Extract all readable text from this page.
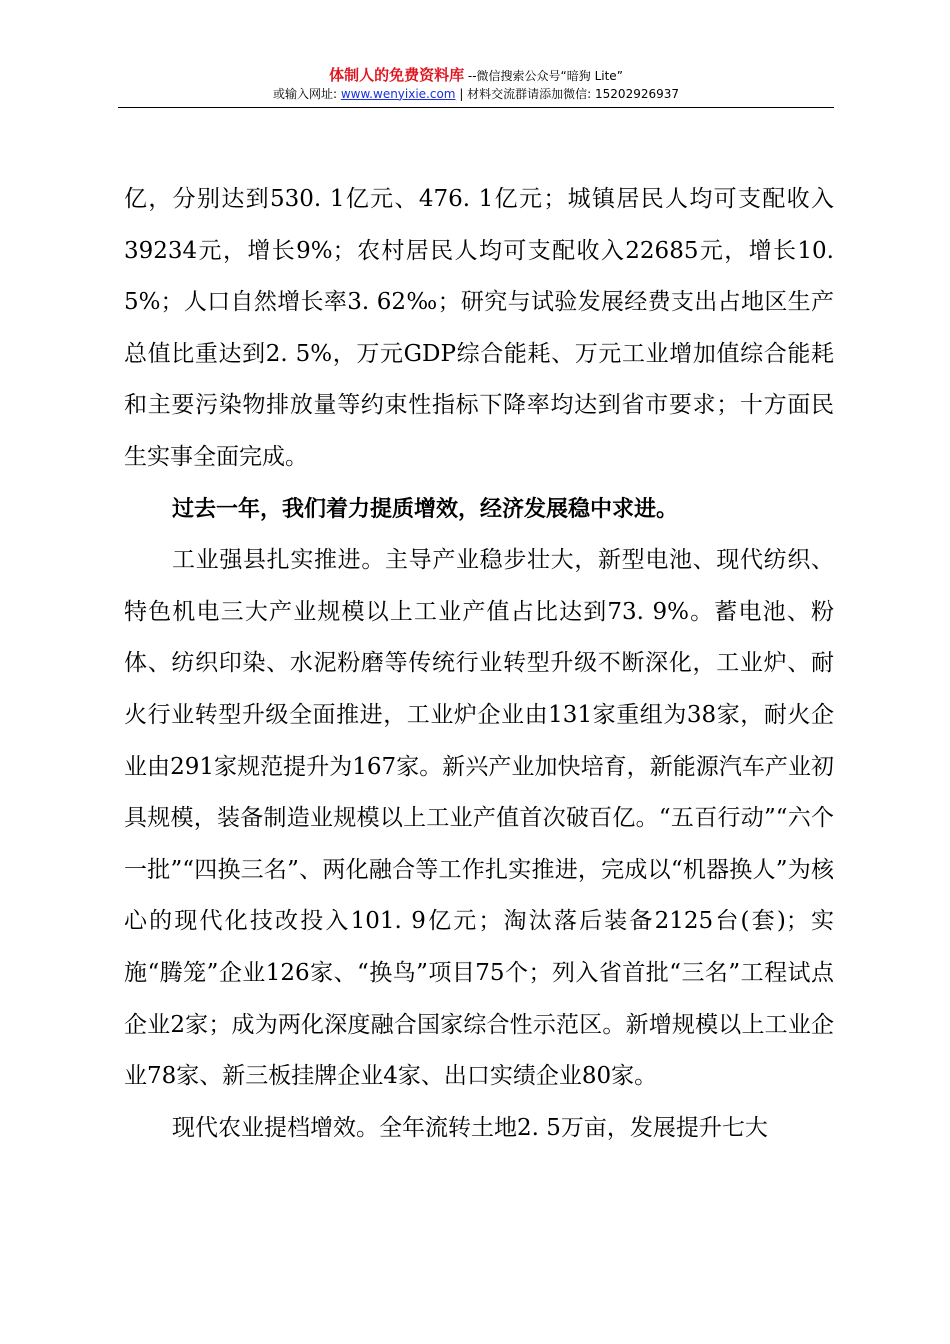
体制人的免费资料库 --微信搜索公众号“暗狗 Lite”
或输入网址: www.wenyixie.com | 材料交流群请添加微信: 15202926937

亿，分别达到530. 1亿元、476. 1亿元；城镇居民人均可支配收入39234元，增长9%；农村居民人均可支配收入22685元，增长10. 5%；人口自然增长率3. 62‰；研究与试验发展经费支出占地区生产总值比重达到2. 5%，万元GDP综合能耗、万元工业增加值综合能耗和主要污染物排放量等约束性指标下降率均达到省市要求；十方面民生实事全面完成。

过去一年，我们着力提质增效，经济发展稳中求进。

工业强县扎实推进。主导产业稳步壮大，新型电池、现代纺织、特色机电三大产业规模以上工业产值占比达到73. 9%。蓄电池、粉体、纺织印染、水泥粉磨等传统行业转型升级不断深化，工业炉、耐火行业转型升级全面推进，工业炉企业由131家重组为38家，耐火企业由291家规范提升为167家。新兴产业加快培育，新能源汽车产业初具规模，装备制造业规模以上工业产值首次破百亿。“五百行动”“六个一批”“四换三名”、两化融合等工作扎实推进，完成以“机器换人”为核心的现代化技改投入101. 9亿元；淘汰落后装备2125台(套)；实施“腾笼”企业126家、“换鸟”项目75个；列入省首批“三名”工程试点企业2家；成为两化深度融合国家综合性示范区。新增规模以上工业企业78家、新三板挂牌企业4家、出口实绩企业80家。

现代农业提档增效。全年流转土地2. 5万亩，发展提升七大
